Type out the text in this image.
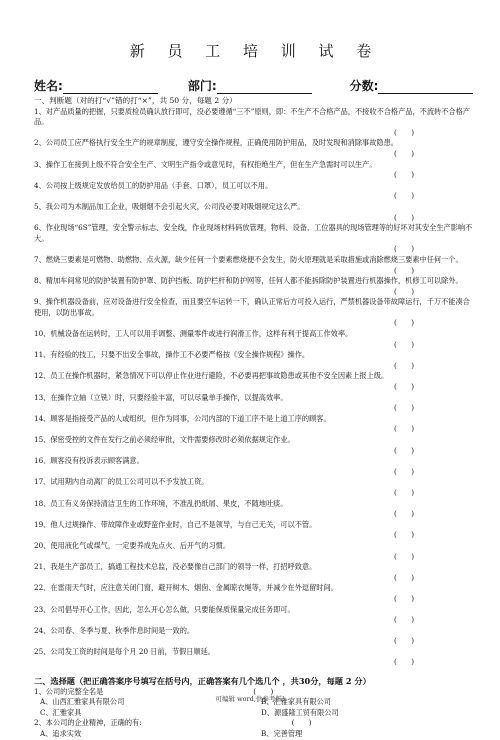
新 员 工 培 训 试 卷
姓名:	部门:	分数:
一、判断题（对的打“√”错的打“×”，共 50 分，每题 2 分）
1、对产品质量的把握，只要质检员确认放行即可，没必要遵循“三不”原则，即：不生产不合格产品，不接收不合格产品，不流转不合格产品。
(　　)
2、公司员工应严格执行安全生产的规章制度，遵守安全操作规程，正确使用防护用品，及时发现和消除事故隐患。
(　　)
3、操作工在接到上级不符合安全生产、文明生产指令或意见时，有权拒绝生产，但在生产急需时可以生产。
(　　)
4、公司按上级规定发放给员工的防护用品（手套、口罩），员工可以不用。
(　　)
5、我公司为木制品加工企业，吸烟烟不会引起火灾，公司没必要对吸烟规定这么严。
(　　)
6、作业现场“6S”管理，安全警示标志、安全线，作业现场材料码放管理，物料、设备、工位器具的现场管理等的好坏对其安全生产影响不大。
(　　)
7、燃烧三要素是可燃物、助燃物、点火源，缺少任何一个要素燃烧便不会发生，防火原理就是采取措施或消除燃烧三要素中任何一个。
(　　)
8、精加车间常见的防护装置有防护罩、防护挡板、防护栏杆和防护网等，任何人都不能拆除防护装置进行机器操作，机修工可以除外。
(　　)
9、操作机器设备前，应对设备进行安全检查，而且要空车运转一下，确认正常后方可投入运行，严禁机器设备带故障运行，千万不能凑合使用，以防出事故。
(　　)
10、机械设备在运转时，工人可以用手调整、测量零件或进行润滑工作，这样有利于提高工作效率。
(　　)
11、有经验的技工，只要不出安全事故，操作工不必要严格按《安全操作规程》操作。
(　　)
12、员工在操作机器时，紧急情况下可以停止作业进行避险，不必要再把事故隐患或其他不安全因素上报上级。
(　　)
13、在操作立轴（立铣）时，只要经验丰富，可以尽量单手操作，以提高效率。
(　　)
14、顾客是指接受产品的人或组织，但作为同事，公司内部的下道工序不是上道工序的顾客。
(　　)
15、保密受控的文件在发行之前必须经审批，文件需要修改时必须依据规定作业。
(　　)
16、顾客没有投诉表示顾客满意。
(　　)
17、试用期内自动离厂的员工公司可以不予发放工资。
(　　)
18、员工有义务保持清洁卫生的工作环境，不准乱扔纸屑、果皮，不随地吐痰。
(　　)
19、他人过规操作、带故障作业或野蛮作业时，自己不是领导，与自己无关，可以不管。
(　　)
20、使用液化气或煤气，一定要养成先点火、后开气的习惯。
(　　)
21、我是生产部员工，搞通工程技术总监，没必要像自己部门的领导一样，打招呼致意。
(　　)
22、在雷雨天气时，应注意关闭门窗，避开树木、烟囱、金属晾衣绳等，并减少在外逗留时间。
(　　)
23、公司倡导开心工作，因此，怎么开心怎么做，只要能保质保量完成任务即可。
(　　)
24、公司春、冬季与夏、秋季作息时间是一致的。
(　　)
25、公司发工资的时间是每个月 20 日前，节假日顺延。
(　　)
二、选择题（把正确答案序号填写在括号内，正确答案有几个选几个 ，共30分，每题 2 分）
1、公司的完整全名是	(　　)
A、山西汇雅家具有限公司	B、汇雅家具有限公司
C、汇雅家具	D、源盛隆工贸有限公司
2、本公司的企业精神，正确的有:	(　　)
A、追求实效	B、完善管理
可编辑 word,供参考版!
